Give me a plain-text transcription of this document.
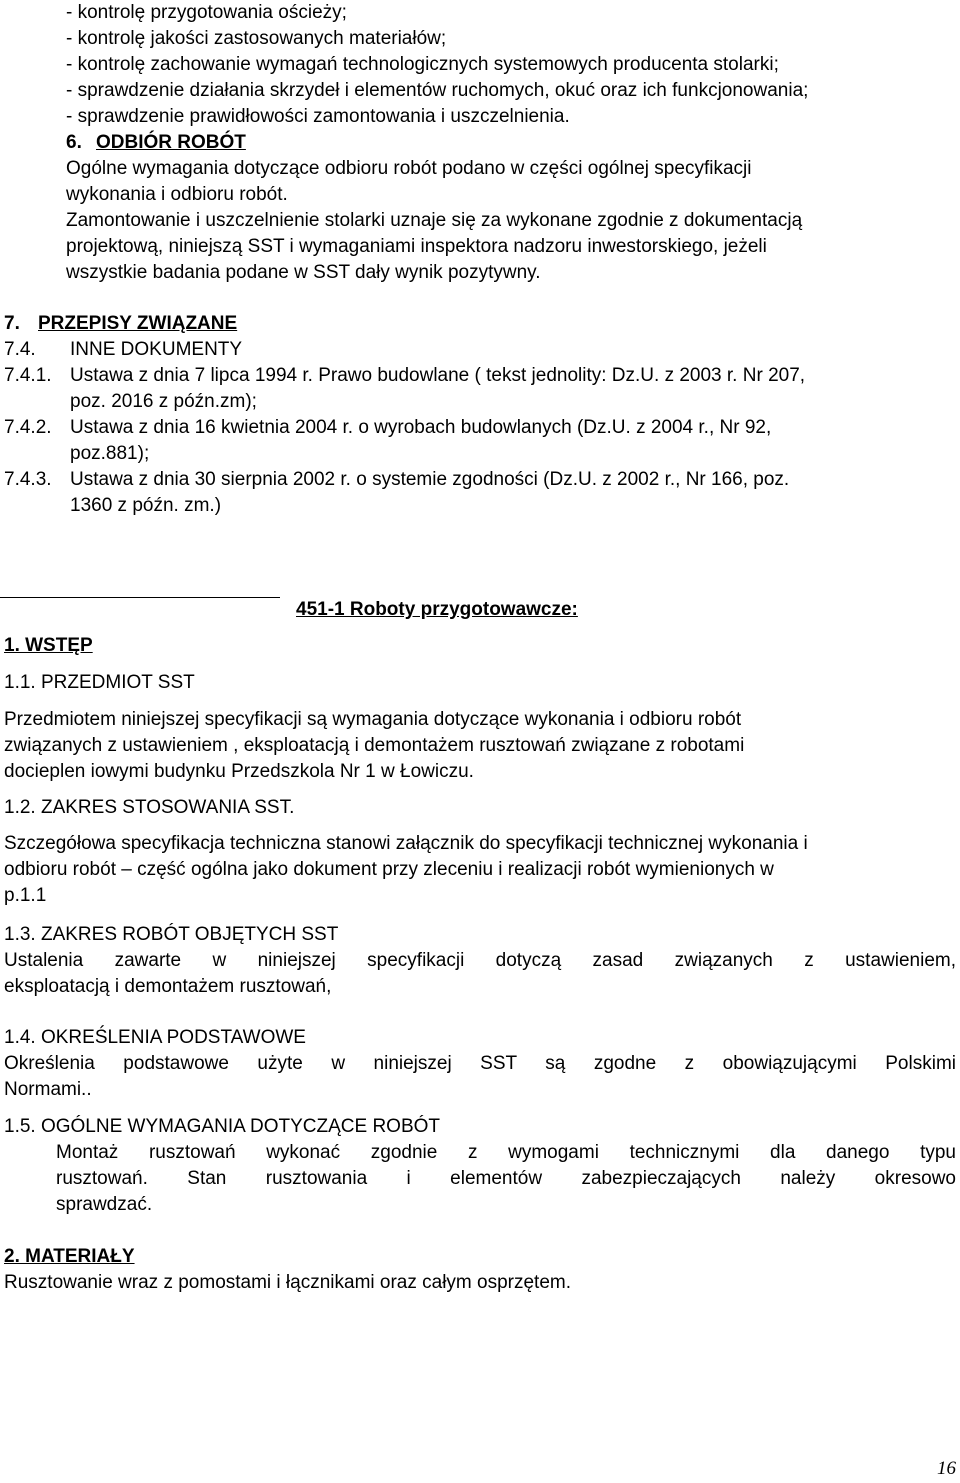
- kontrolę przygotowania ościeży;
- kontrolę jakości zastosowanych materiałów;
- kontrolę zachowanie wymagań technologicznych systemowych producenta stolarki;
- sprawdzenie działania skrzydeł i elementów ruchomych, okuć oraz ich funkcjonowania;
- sprawdzenie prawidłowości zamontowania i uszczelnienia.
6. ODBIÓR ROBÓT
Ogólne wymagania dotyczące odbioru robót podano w części ogólnej specyfikacji
wykonania i odbioru robót.
Zamontowanie i uszczelnienie stolarki uznaje się za wykonane zgodnie z dokumentacją
projektową, niniejszą SST i wymaganiami inspektora nadzoru inwestorskiego, jeżeli
wszystkie badania podane w SST dały wynik pozytywny.
7. PRZEPISY ZWIĄZANE
7.4. INNE DOKUMENTY
7.4.1. Ustawa z dnia 7 lipca 1994 r. Prawo budowlane ( tekst jednolity: Dz.U. z 2003 r. Nr 207,
poz. 2016 z późn.zm);
7.4.2. Ustawa z dnia 16 kwietnia 2004 r. o wyrobach budowlanych (Dz.U. z 2004 r., Nr 92,
poz.881);
7.4.3. Ustawa z dnia 30 sierpnia 2002 r. o systemie zgodności (Dz.U. z 2002 r., Nr 166, poz.
1360 z późn. zm.)
451-1 Roboty przygotowawcze:
1. WSTĘP
1.1. PRZEDMIOT SST
Przedmiotem niniejszej specyfikacji są wymagania dotyczące wykonania i odbioru robót
związanych z ustawieniem , eksploatacją i demontażem rusztowań związane z robotami
docieplen iowymi budynku Przedszkola Nr 1 w Łowiczu.
1.2. ZAKRES STOSOWANIA SST.
Szczegółowa specyfikacja techniczna stanowi załącznik do specyfikacji technicznej wykonania i
odbioru robót – część ogólna jako dokument przy zleceniu i realizacji robót wymienionych w
p.1.1
1.3. ZAKRES ROBÓT OBJĘTYCH SST
Ustalenia zawarte w niniejszej specyfikacji dotyczą zasad związanych z ustawieniem,
eksploatacją i demontażem rusztowań,
1.4. OKREŚLENIA PODSTAWOWE
Określenia podstawowe użyte w niniejszej SST są zgodne z obowiązującymi Polskimi
Normami..
1.5. OGÓLNE WYMAGANIA DOTYCZĄCE ROBÓT
Montaż rusztowań wykonać zgodnie z wymogami technicznymi dla danego typu
rusztowań. Stan rusztowania i elementów zabezpieczających należy okresowo
sprawdzać.
2. MATERIAŁY
Rusztowanie wraz z pomostami i łącznikami oraz całym osprzętem.
16
